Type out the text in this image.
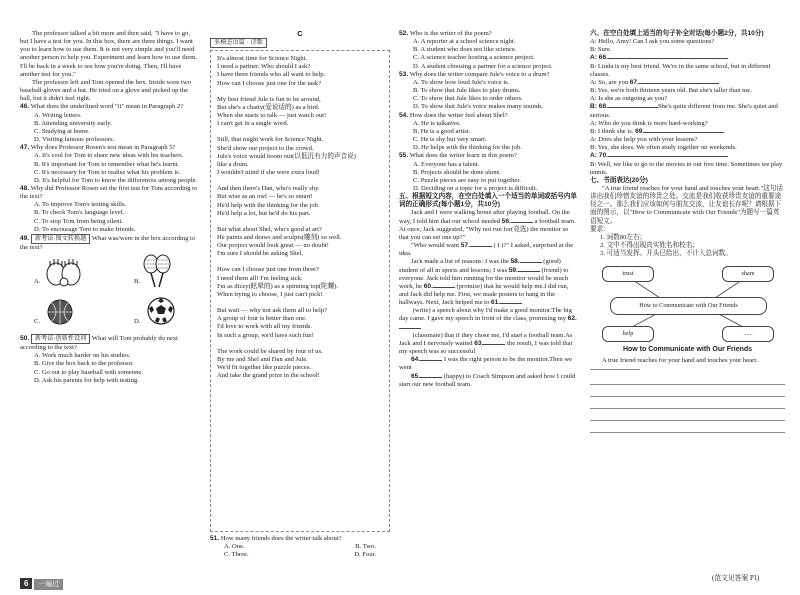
The professor talked a bit more and then said, "I have to go, but I have a test for you. In this box, there are three things. I want you to learn how to use them. It is not very simple and you'll need another person to help you. Experiment and learn how to use them. I'll be back in a week to see how you're doing. Then, I'll have another test for you."

The professor left and Tom opened the box. Inside were two baseball gloves and a bat. He tried on a glove and picked up the ball, but it didn't feel right.

46. What does the underlined word "it" mean in Paragraph 2?

A. Writing letters.

B. Attending university early.

C. Studying at home.

D. Visiting famous professors.

47. Why does Professor Rosen's test mean in Paragraph 5?

A. It's cool for Tom to share new ideas with his teachers.

B. It's important for Tom to remember what he's learnt.

C. It's necessary for Tom to realise what his problem is.

D. It's helpful for Tom to know the differences among people.

48. Why did Professor Rosen set the first test for Tom according to the text?

A. To improve Tom's testing skills.

B. To check Tom's language level.

C. To stop Tom from being silent.

D. To encourage Tom to make friends.

49. 新考法·图文转换题 What was/were in the box according to the text?

A.	B.
C.	D.

50. 新考法·创新性设问 What will Tom probably do next according to the text?

A. Work much harder on his studies.

B. Give the box back to the professor.

C. Go out to play baseball with someone.

D. Ask his parents for help with testing.

6 一遍过
C
多模态语篇 · 诗歌

It's almost time for Science Night.

I need a partner. Who should I ask?

I have three friends who all want to help.

How can I choose just one for the task?

My best friend Jule is fun to be around,

But she's a chatty(爱说话的) as a bird.

When she starts to talk — just watch out!

I can't get in a single word.

Still, that might work for Science Night.

She'd show our project to the crowd.

Jule's voice would boom out(以低沉有力的声音说)

like a drum.

I wouldn't mind if she were extra loud!

And then there's Dan, who's really shy.

But wise as an owl — he's so smart!

He'd help with the thinking for the job.

He'd help a lot, but he'd do his part.

But what about Shel, who's good at art?

He paints and draws and sculpts(雕刻) so well.

Our project would look great — no doubt!

I'm sure I should be asking Shel.

How can I choose just one from three?

I need them all! I'm feeling sick.

I'm as dizzy(眩晕的) as a spinning top(陀螺).

When trying to choose, I just can't pick!

But wait — why not ask them all to help?

A group of four is better than one.

I'd love to work with all my friends.

In such a group, we'd have such fun!

The work could be shared by four of us.

By me and Shel and Dan and Jule.

We'd fit together like puzzle pieces.

And take the grand prize in the school!

51. How many friends does the writer talk about?

A. One.	B. Two.
C. Three.	D. Four.

52. Who is the writer of the poem?

A. A reporter at a school science night.

B. A student who does not like science.

C. A science teacher hosting a science project.

D. A student choosing a partner for a science project.

53. Why does the writer compare Jule's voice to a drum?

A. To show how loud Jule's voice is.

B. To show that Jule likes to play drums.

C. To show that Jule likes to order others.

D. To show that Jule's voice makes many sounds.

54. How does the writer feel about Shel?

A. He is talkative.

B. He is a good artist.

C. He is shy but very smart.

D. He helps with the thinking for the job.

55. What does the writer learn in this poem?

A. Everyone has a talent.

B. Projects should be done alone.

C. Puzzle pieces are easy to put together.

D. Deciding on a topic for a project is difficult.

五、根据短文内容，在空白处填入一个适当的单词或括号内单词的正确形式(每小题1分，共10分)

Jack and I were walking home after playing football. On the way, I told him that our school needed 56.	a football team. At once, Jack suggested, "Why not run for(竞选) the monitor so that you can set one up?"

"Who would want 57.	( I )?" I asked, surprised at the idea.

Jack made a list of reasons: I was the 58.	(good) student of all in sports and lessons; I was 59.	(friend) to everyone. Jack told him running for the monitor would be much work, he 60.	(promise) that he would help me.I did run, and Jack did help me. First, we made posters to hang in the hallways. Next, Jack helped me to 61.

(write) a speech about why I'd make a good monitor.The big day came. I gave my speech in front of the class, promising my 62.

(classmate) that if they chose me, I'd start a football team.As Jack and I nervously waited 63.	the result, I was told that my speech was so successful

64.	I was the right person to be the monitor.Then we went

65.	(happy) to Coach Simpson and asked how I could start our new football team.

六、在空白处填上适当的句子补全对话(每小题2分，共10分)

A: Hello, Amy! Can I ask you some questions?

B: Sure.

A: 66.

B: Linda is my best friend. We're in the same school, but in different classes.

A: So, are you 67.

B: Yes, we're both thirteen years old. But she's taller than me.

A: Is she as outgoing as you?

B: 68.	She's quite different from me. She's quiet and serious.

A: Who do you think is more hard-working?

B: I think she is. 69.

A: Does she help you with your lessons?

B: Yes, she does. We often study together on weekends.

A: 70.

B: Well, we like to go to the movies in our free time. Sometimes we play tennis.

七、书面表达(20分)

"A true friend reaches for your hand and touches your heart."这句话讲出我们珍惜友谊的珍贵之处。交流是我们收获珍贵友谊的重要途径之一。那么我们应该如何与朋友交流，让友谊长存呢？请根据下面的图示，以"How to Communicate with Our Friends"为题写一篇英语短文。

要求：

1. 词数80左右；

2. 文中不得出现真实姓名和校名；

3. 可适当发挥。开头已给出，不计入总词数。

trust	share
How to Communicate with Our Friends
help	......

How to Communicate with Our Friends

A true friend reaches for your hand and touches your heart.

(范文见答案 P1)
